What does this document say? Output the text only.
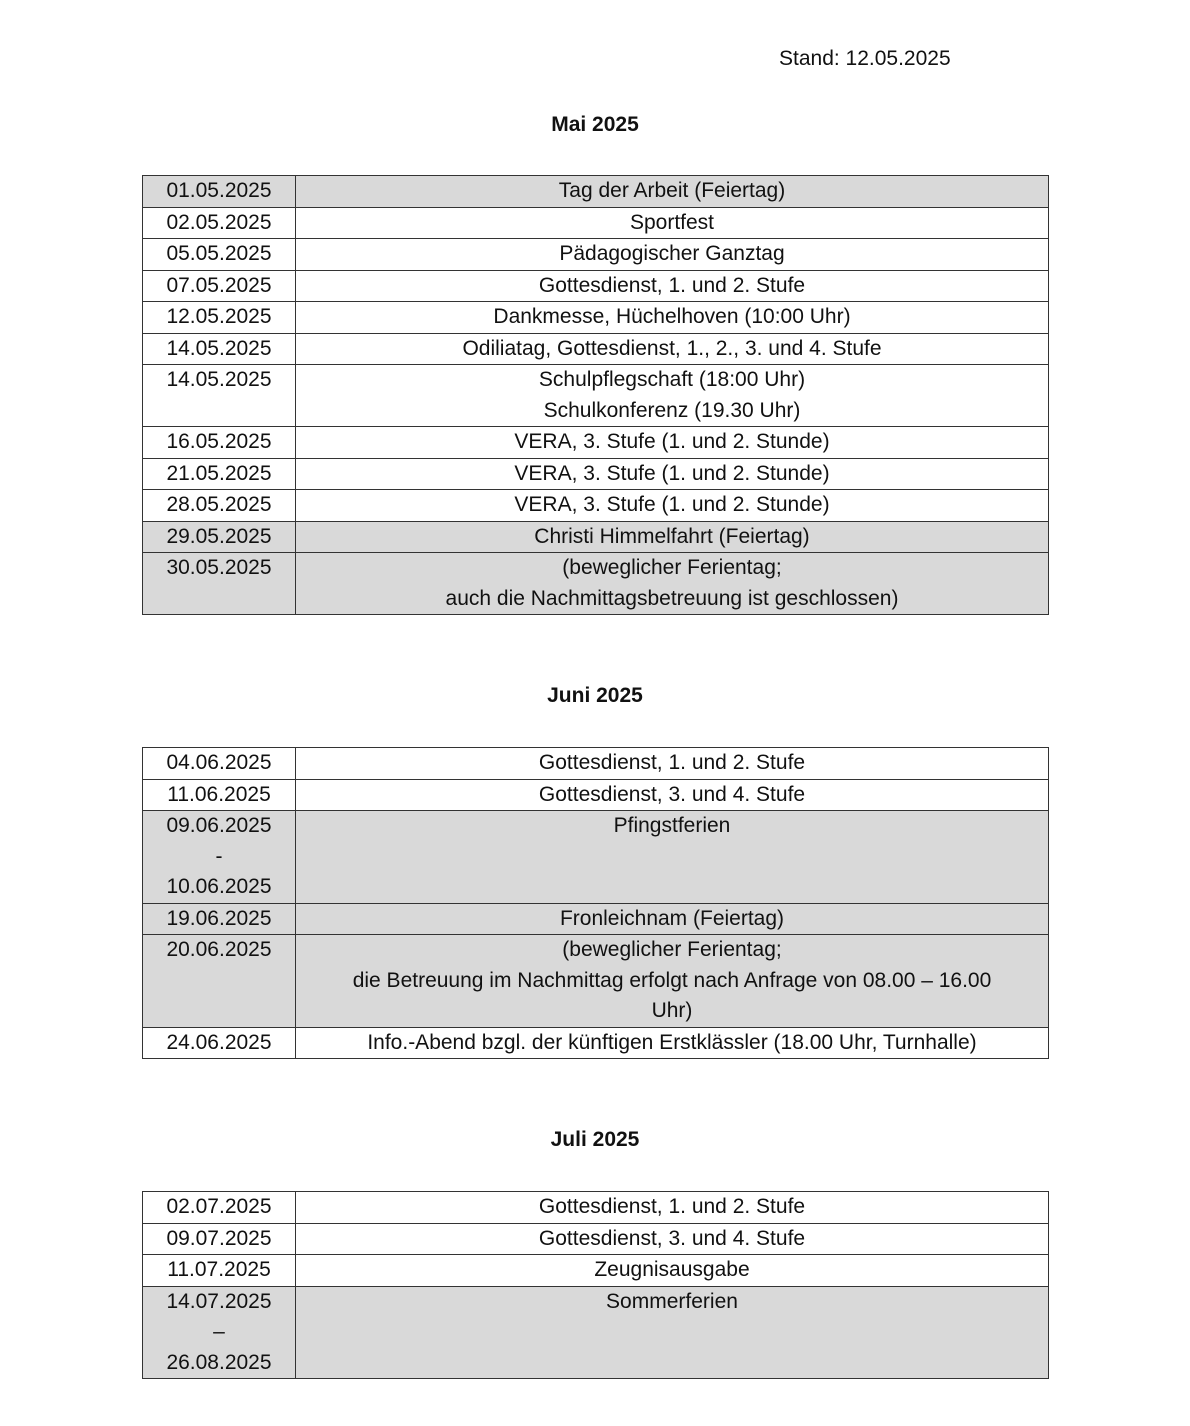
Stand: 12.05.2025
Mai 2025
01.05.2025	Tag der Arbeit (Feiertag)

02.05.2025	Sportfest

05.05.2025	Pädagogischer Ganztag

07.05.2025	Gottesdienst, 1. und 2. Stufe

12.05.2025	Dankmesse, Hüchelhoven (10:00 Uhr)

14.05.2025	Odiliatag, Gottesdienst, 1., 2., 3. und 4. Stufe

14.05.2025	Schulpflegschaft (18:00 Uhr)
Schulkonferenz (19.30 Uhr)

16.05.2025	VERA, 3. Stufe (1. und 2. Stunde)

21.05.2025	VERA, 3. Stufe (1. und 2. Stunde)

28.05.2025	VERA, 3. Stufe (1. und 2. Stunde)

29.05.2025	Christi Himmelfahrt (Feiertag)

30.05.2025	(beweglicher Ferientag;
auch die Nachmittagsbetreuung ist geschlossen)
Juni 2025
04.06.2025	Gottesdienst, 1. und 2. Stufe

11.06.2025	Gottesdienst, 3. und 4. Stufe

09.06.2025
-
10.06.2025	Pfingstferien

19.06.2025	Fronleichnam (Feiertag)

20.06.2025	(beweglicher Ferientag;
die Betreuung im Nachmittag erfolgt nach Anfrage von 08.00 – 16.00
Uhr)

24.06.2025	Info.-Abend bzgl. der künftigen Erstklässler (18.00 Uhr, Turnhalle)
Juli 2025
02.07.2025	Gottesdienst, 1. und 2. Stufe

09.07.2025	Gottesdienst, 3. und 4. Stufe

11.07.2025	Zeugnisausgabe

14.07.2025
–
26.08.2025	Sommerferien
